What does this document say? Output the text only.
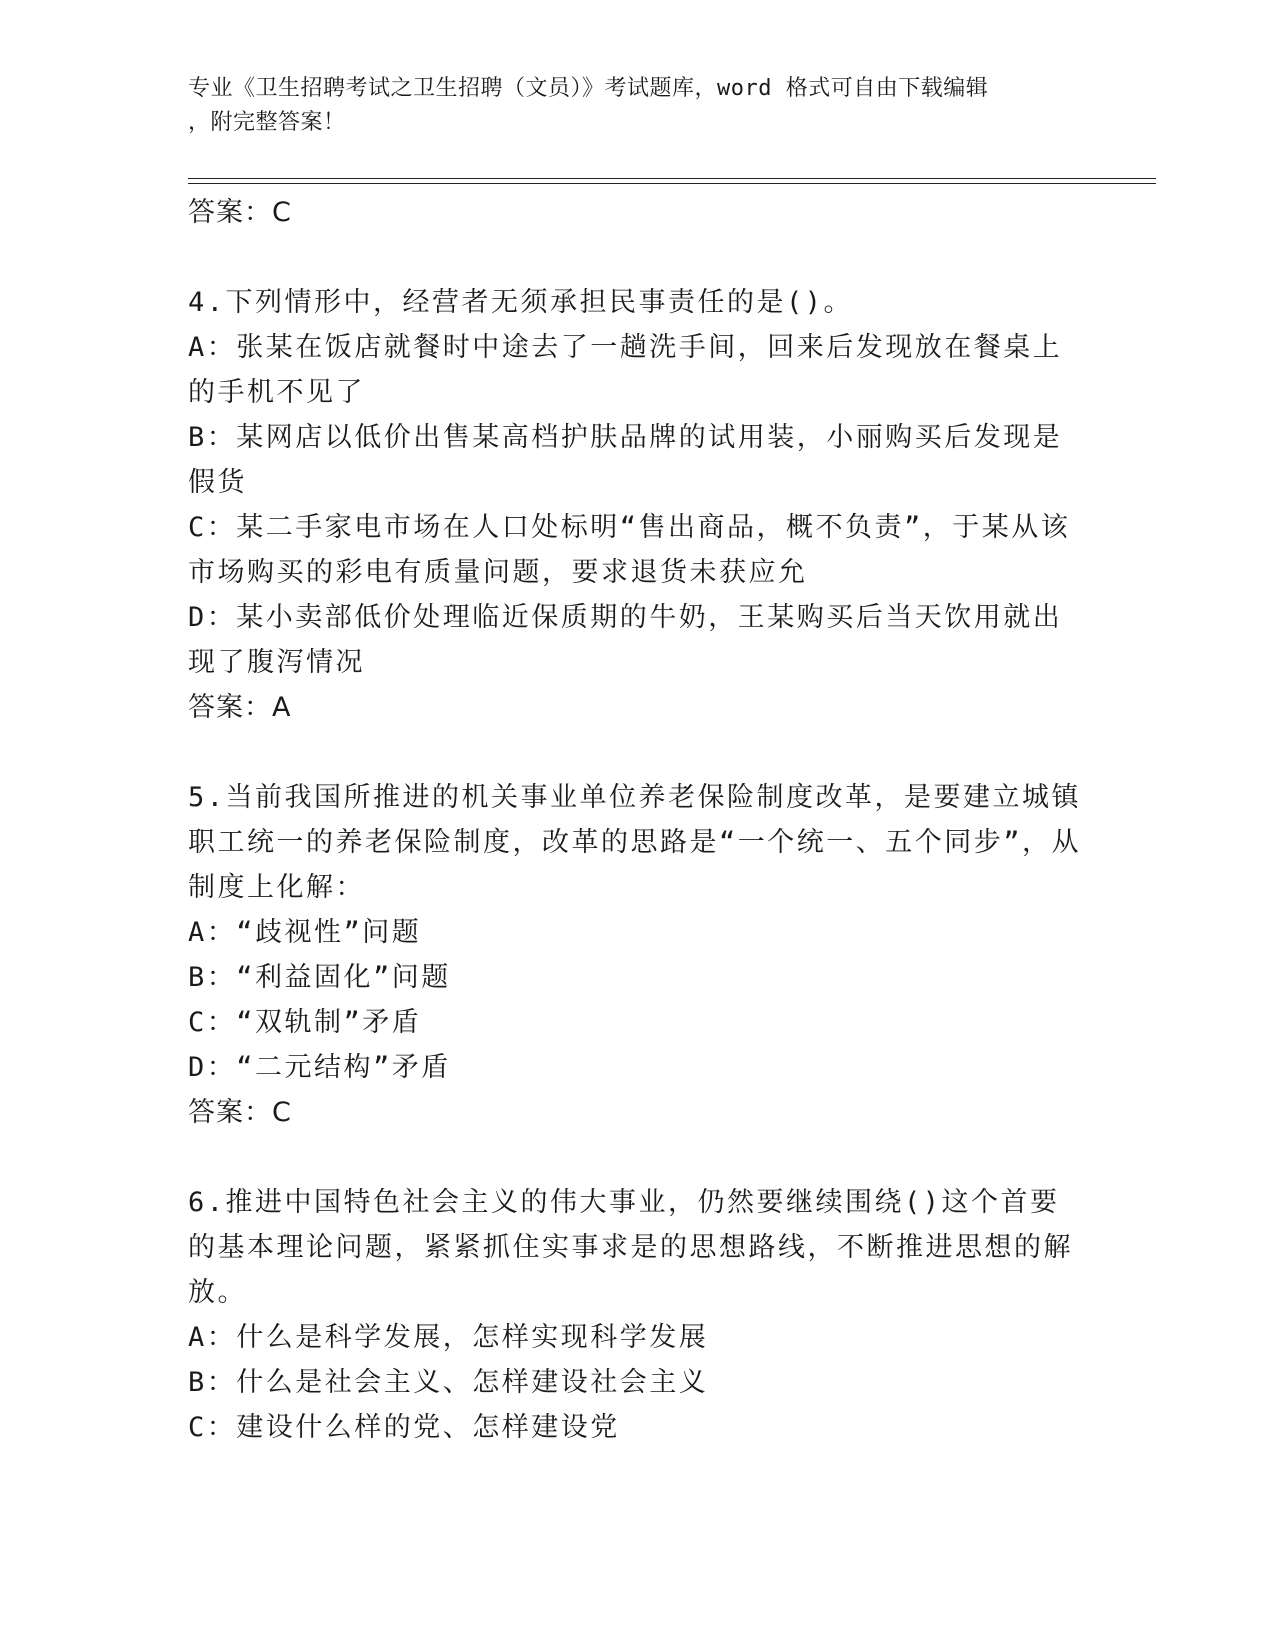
专业《卫生招聘考试之卫生招聘（文员）》考试题库，word 格式可自由下载编辑
，附完整答案！

答案：C

4.下列情形中，经营者无须承担民事责任的是()。

A：张某在饭店就餐时中途去了一趟洗手间，回来后发现放在餐桌上的手机不见了

B：某网店以低价出售某高档护肤品牌的试用装，小丽购买后发现是假货

C：某二手家电市场在人口处标明“售出商品，概不负责”，于某从该市场购买的彩电有质量问题，要求退货未获应允

D：某小卖部低价处理临近保质期的牛奶，王某购买后当天饮用就出现了腹泻情况

答案：A

5.当前我国所推进的机关事业单位养老保险制度改革，是要建立城镇职工统一的养老保险制度，改革的思路是“一个统一、五个同步”，从制度上化解：

A：“歧视性”问题

B：“利益固化”问题

C：“双轨制”矛盾

D：“二元结构”矛盾

答案：C

6.推进中国特色社会主义的伟大事业，仍然要继续围绕()这个首要的基本理论问题，紧紧抓住实事求是的思想路线，不断推进思想的解放。

A：什么是科学发展，怎样实现科学发展

B：什么是社会主义、怎样建设社会主义

C：建设什么样的党、怎样建设党
